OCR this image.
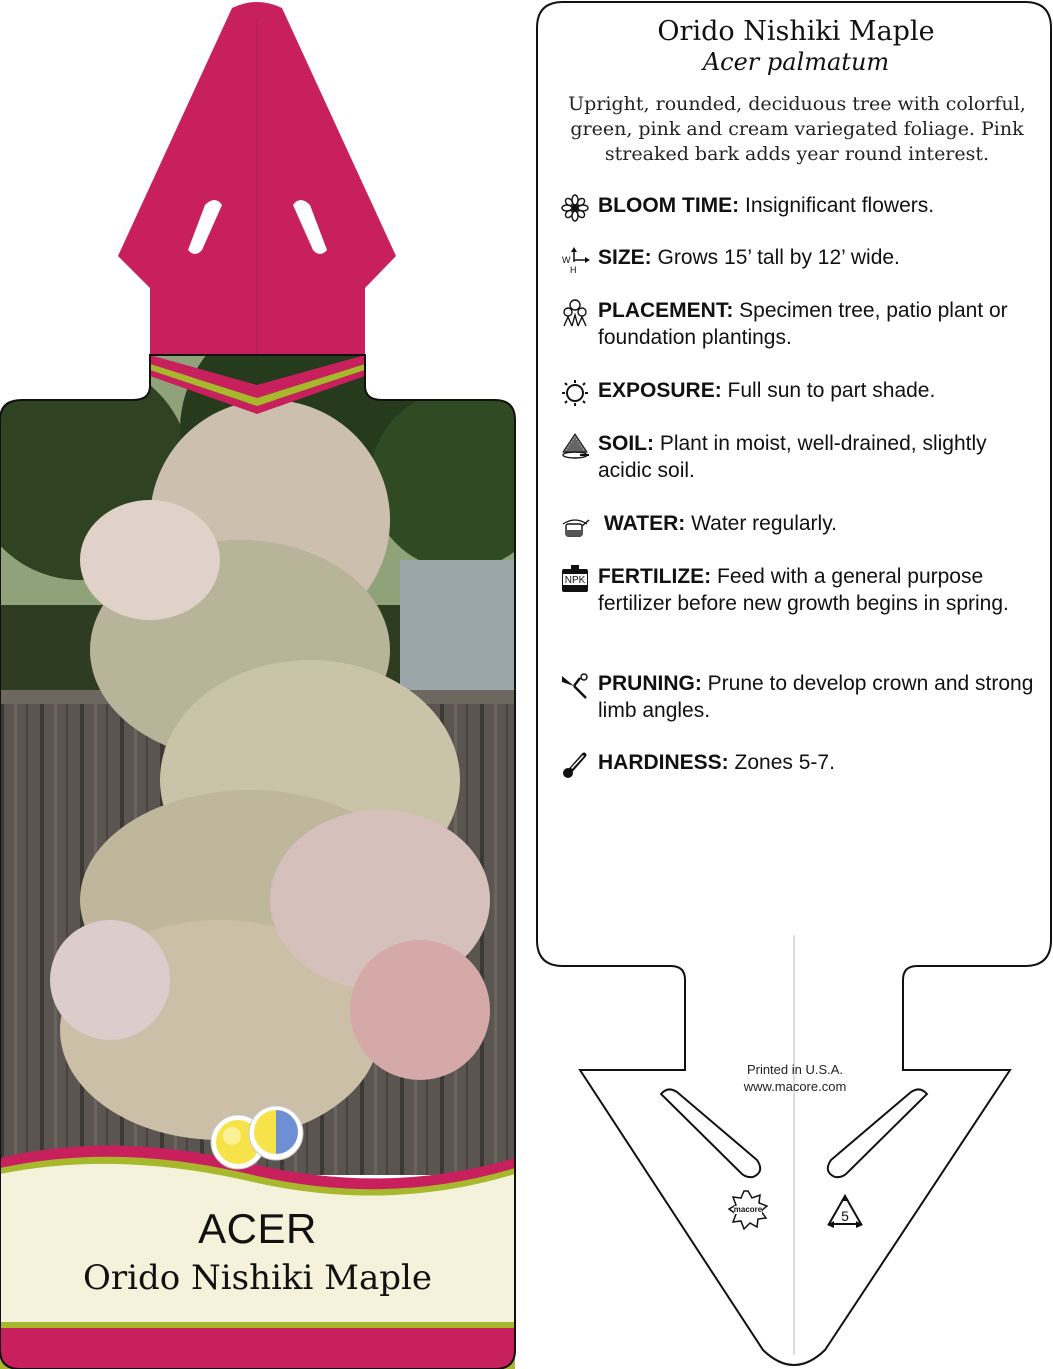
ACER
Orido Nishiki Maple
Orido Nishiki Maple
Acer palmatum
Upright, rounded, deciduous tree with colorful, green, pink and cream variegated foliage. Pink streaked bark adds year round interest.
BLOOM TIME: Insignificant flowers.
W
H
SIZE: Grows 15’ tall by 12’ wide.
PLACEMENT: Specimen tree, patio plant or foundation plantings.
EXPOSURE: Full sun to part shade.
SOIL: Plant in moist, well-drained, slightly acidic soil.
WATER: Water regularly.
NPK FERTILIZE: Feed with a general purpose fertilizer before new growth begins in spring.
PRUNING: Prune to develop crown and strong limb angles.
HARDINESS: Zones 5-7.
Printed in U.S.A.
www.macore.com
macore	5
